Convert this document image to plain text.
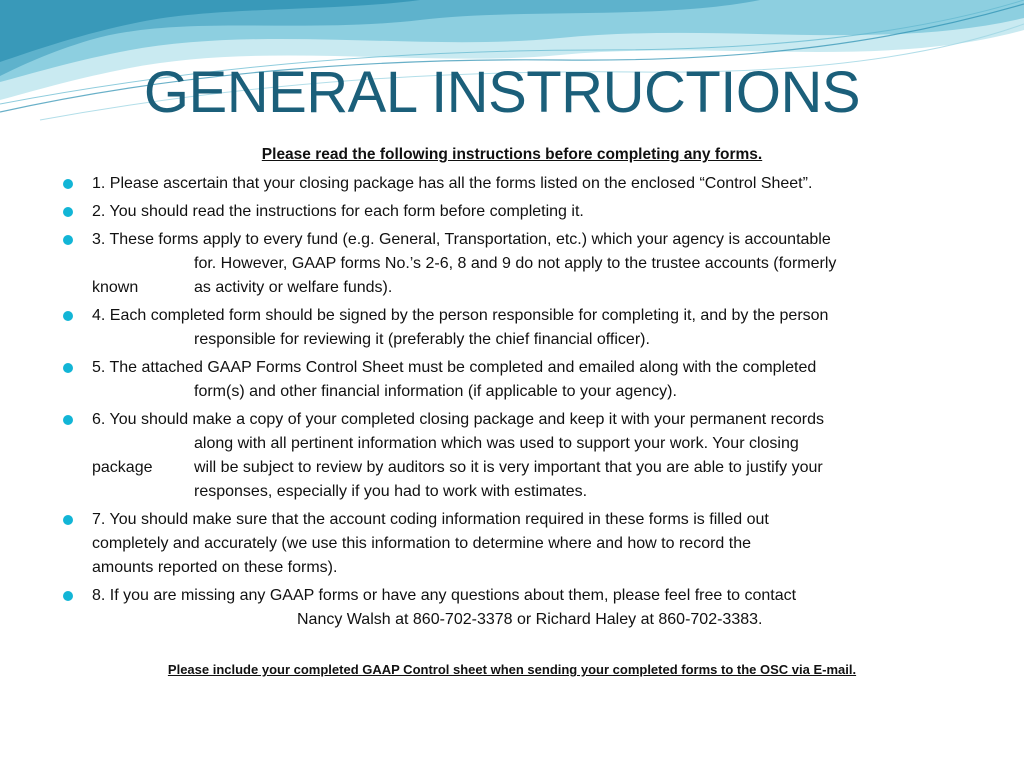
GENERAL INSTRUCTIONS
Please read the following instructions before completing any forms.
1. Please ascertain that your closing package has all the forms listed on the enclosed “Control Sheet”.
2. You should read the instructions for each form before completing it.
3. These forms apply to every fund (e.g. General, Transportation, etc.) which your agency is accountable
for. However, GAAP forms No.’s 2-6, 8 and 9 do not apply to the trustee accounts (formerly
known	as activity or welfare funds).
4. Each completed form should be signed by the person responsible for completing it, and by the person
responsible for reviewing it (preferably the chief financial officer).
5. The attached GAAP Forms Control Sheet must be completed and emailed along with the completed
form(s) and other financial information (if applicable to your agency).
6. You should make a copy of your completed closing package and keep it with your permanent records
along with all pertinent information which was used to support your work. Your closing
package	will be subject to review by auditors so it is very important that you are able to justify your
responses, especially if you had to work with estimates.
7. You should make sure that the account coding information required in these forms is filled out
completely and accurately (we use this information to determine where and how to record the
amounts reported on these forms).
8. If you are missing any GAAP forms or have any questions about them, please feel free to contact
Nancy Walsh at 860-702-3378 or Richard Haley at 860-702-3383.
Please include your completed GAAP Control sheet when sending your completed forms to the OSC via E-mail.
